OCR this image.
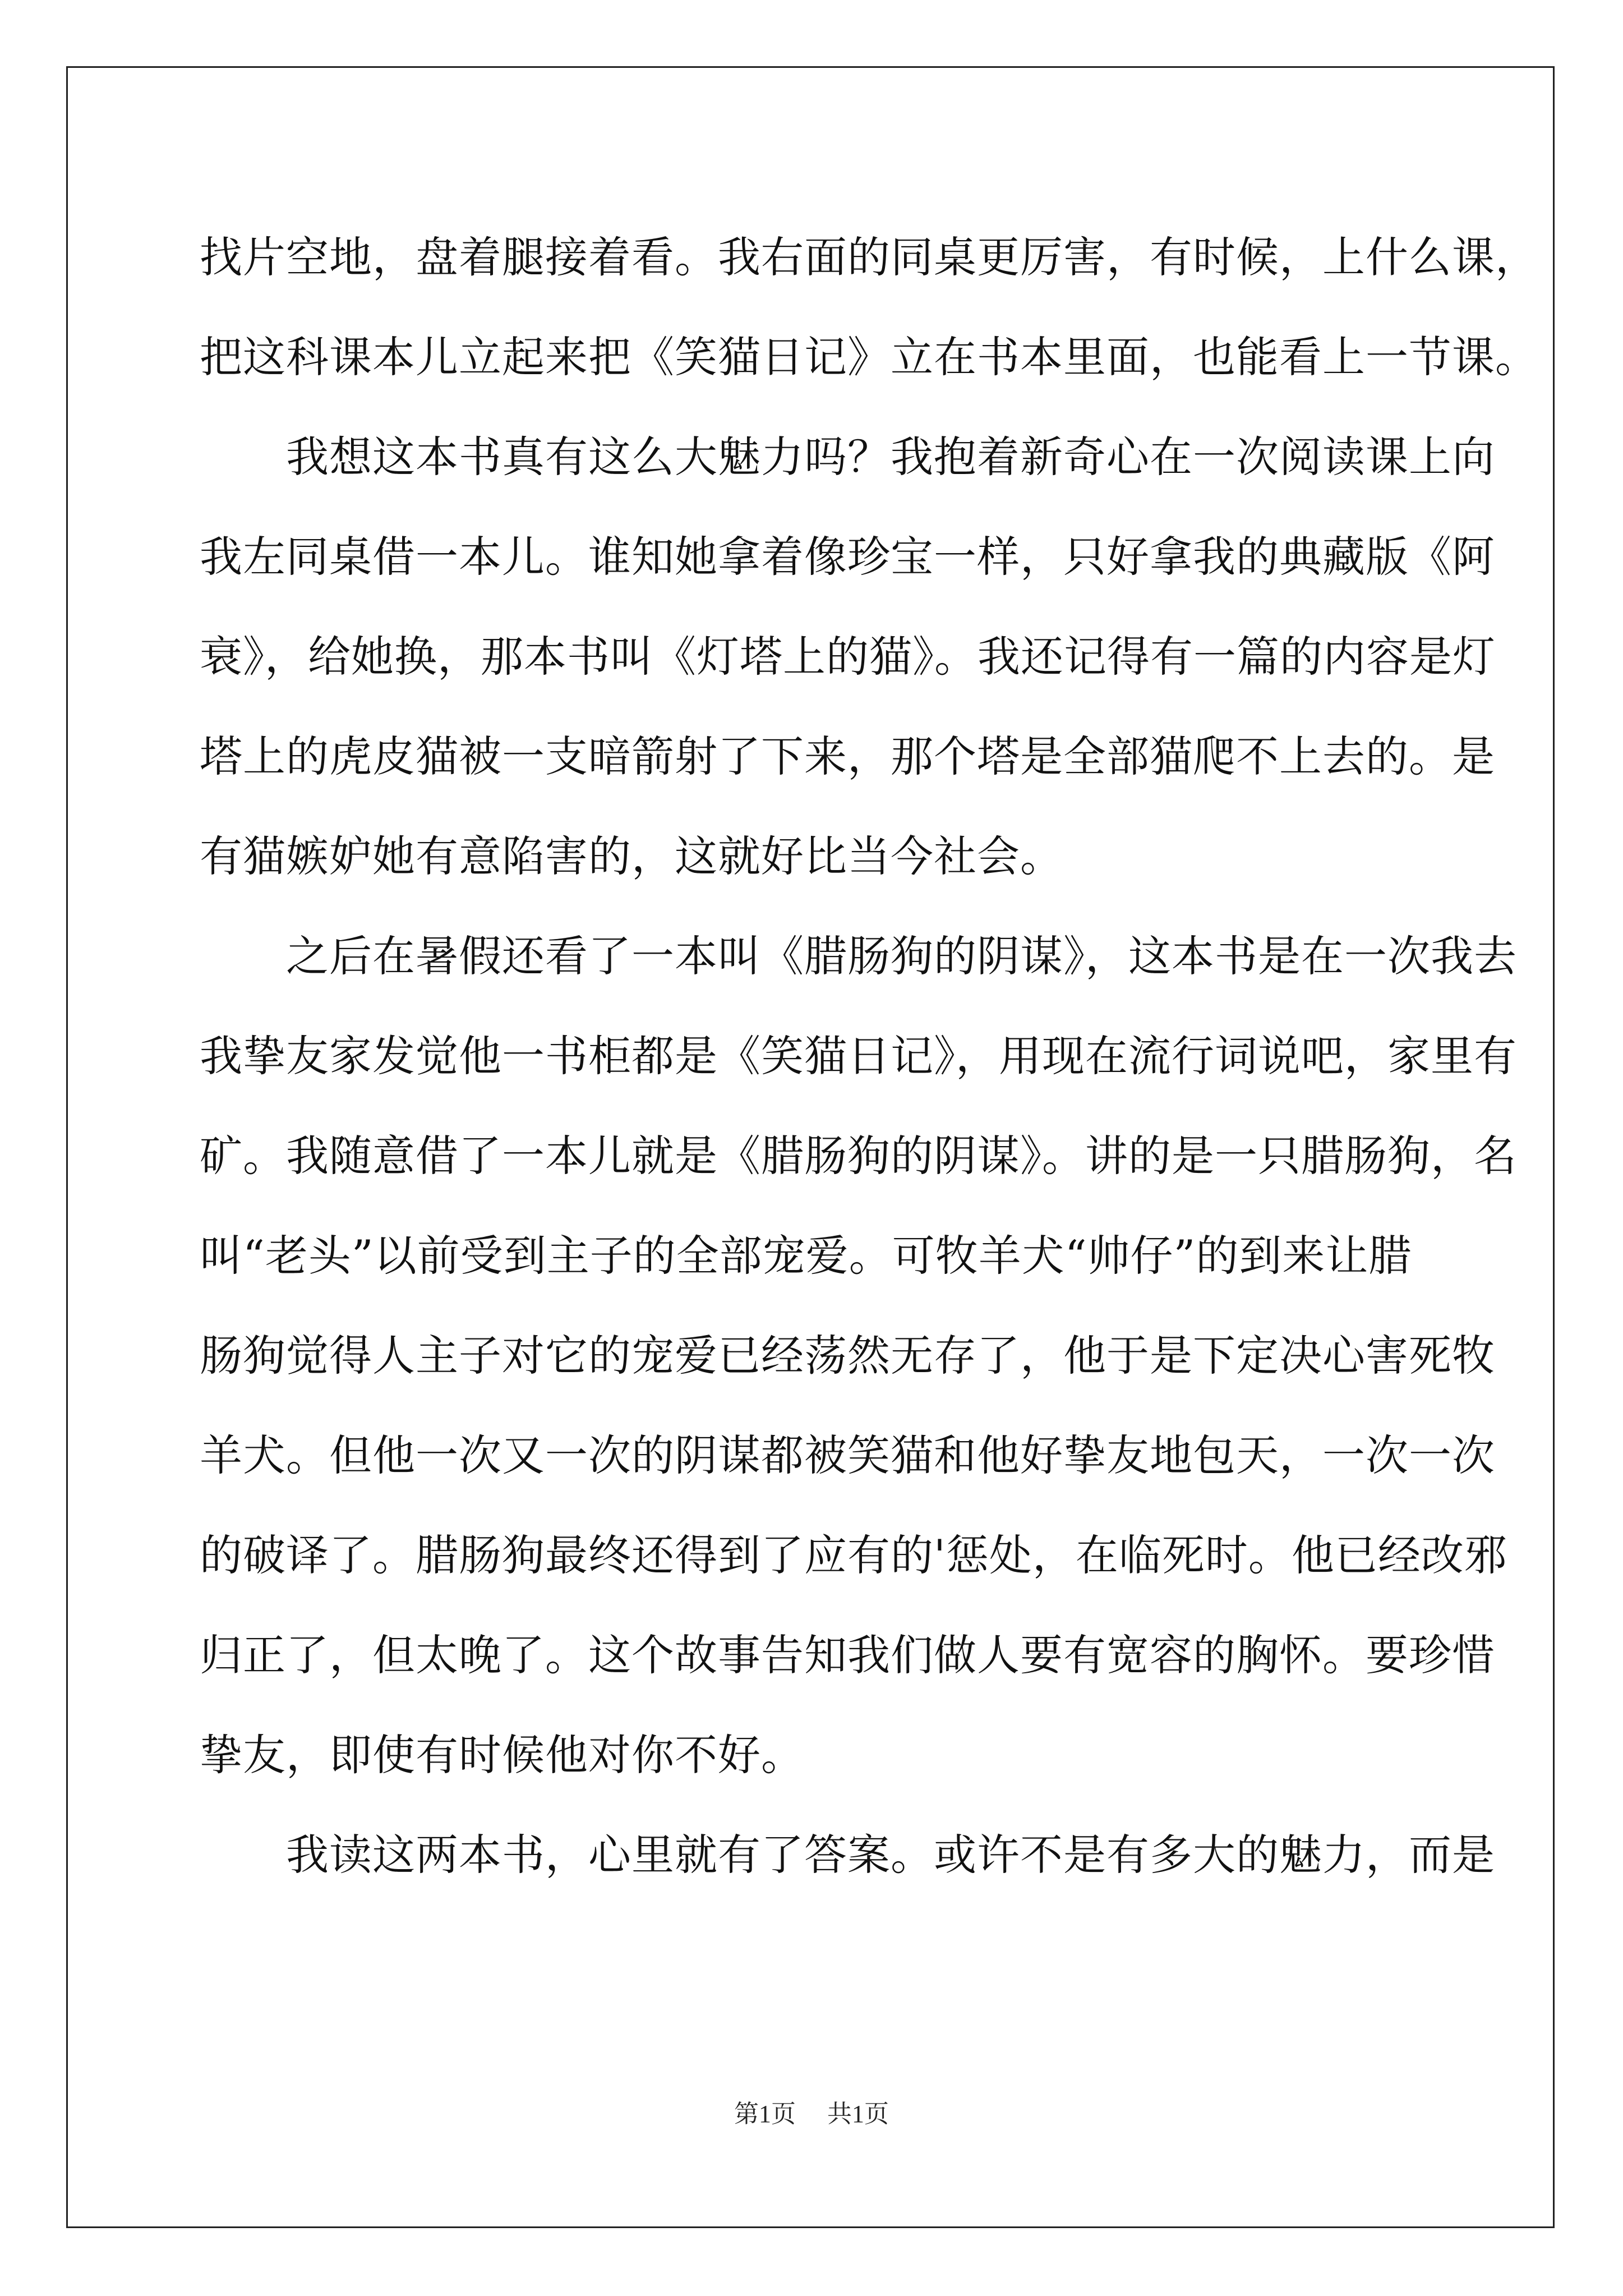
找片空地，盘着腿接着看。我右面的同桌更厉害，有时候，上什么课，
把这科课本儿立起来把《笑猫日记》立在书本里面，也能看上一节课。
　　我想这本书真有这么大魅力吗？我抱着新奇心在一次阅读课上向
我左同桌借一本儿。谁知她拿着像珍宝一样，只好拿我的典藏版《阿
衰》，给她换，那本书叫《灯塔上的猫》。我还记得有一篇的内容是灯
塔上的虎皮猫被一支暗箭射了下来，那个塔是全部猫爬不上去的。是
有猫嫉妒她有意陷害的，这就好比当今社会。
　　之后在暑假还看了一本叫《腊肠狗的阴谋》，这本书是在一次我去
我挚友家发觉他一书柜都是《笑猫日记》，用现在流行词说吧，家里有
矿。我随意借了一本儿就是《腊肠狗的阴谋》。讲的是一只腊肠狗，名
叫“老头”以前受到主子的全部宠爱。可牧羊犬“帅仔”的到来让腊
肠狗觉得人主子对它的宠爱已经荡然无存了，他于是下定决心害死牧
羊犬。但他一次又一次的阴谋都被笑猫和他好挚友地包天，一次一次
的破译了。腊肠狗最终还得到了应有的'惩处，在临死时。他已经改邪
归正了，但太晚了。这个故事告知我们做人要有宽容的胸怀。要珍惜
挚友，即使有时候他对你不好。
　　我读这两本书，心里就有了答案。或许不是有多大的魅力，而是
第1页 共1页
